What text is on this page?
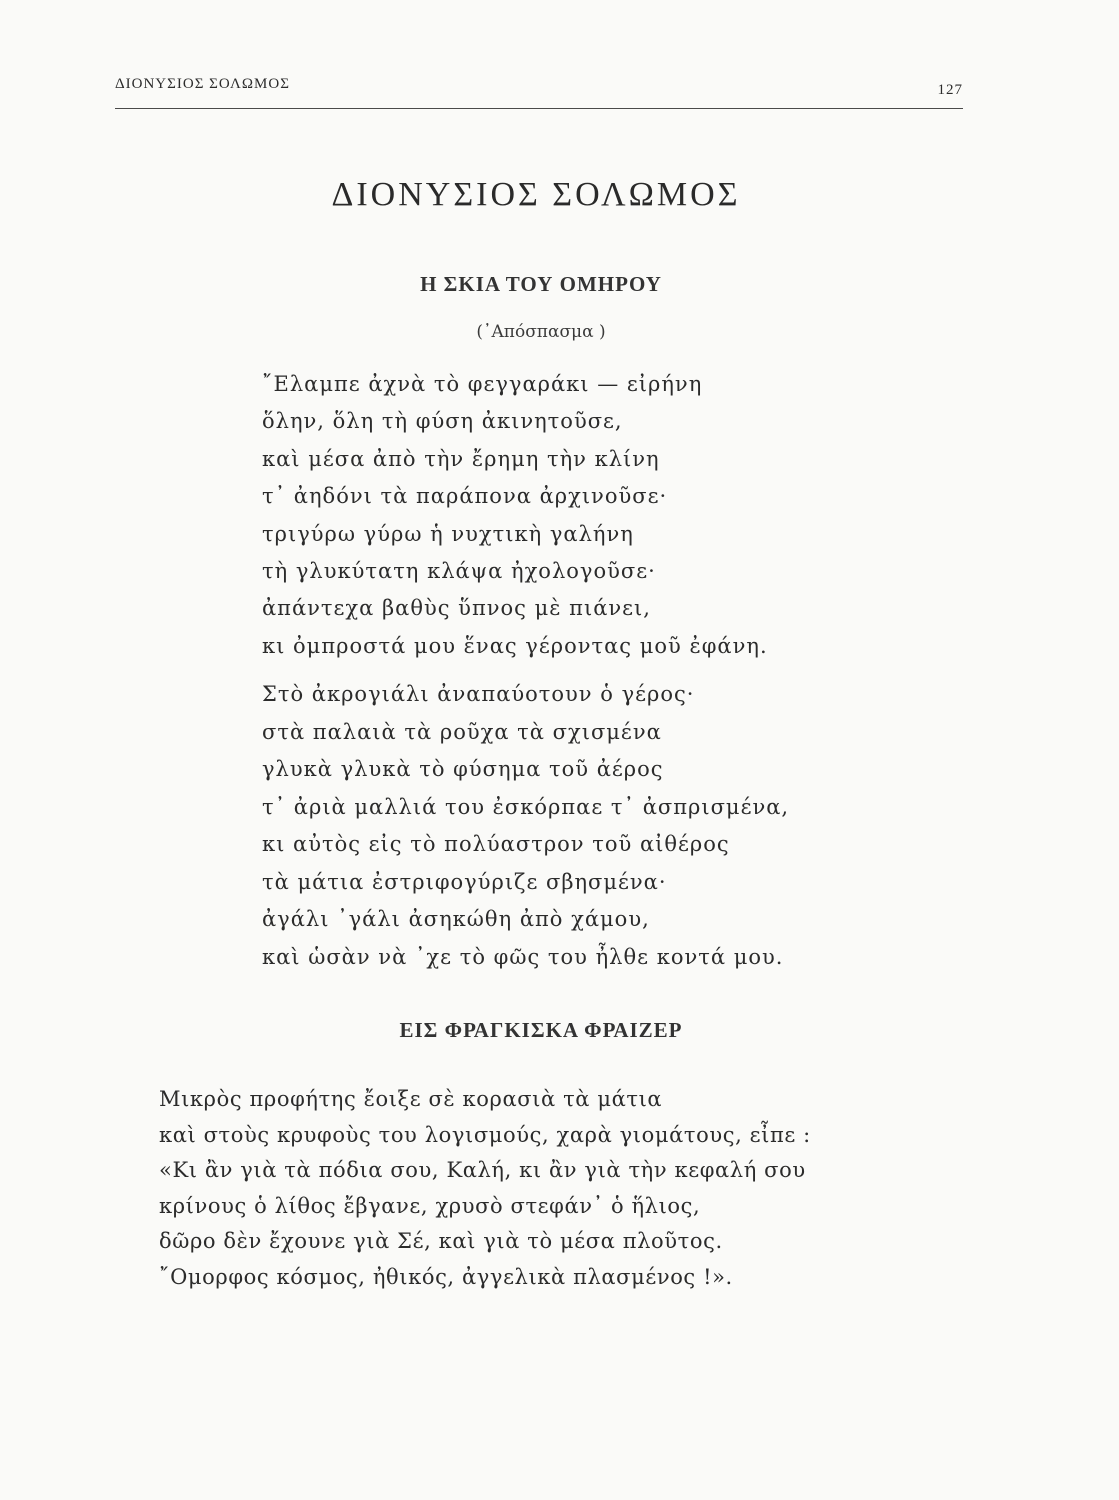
ΔΙΟΝΥΣΙΟΣ ΣΟΛΩΜΟΣ	127
ΔΙΟΝΥΣΙΟΣ ΣΟΛΩΜΟΣ
Η ΣΚΙΑ ΤΟΥ ΟΜΗΡΟΥ
(᾿Απόσπασμα )
῎Ελαμπε ἀχνὰ τὸ φεγγαράκι — εἰρήνη
ὅλην, ὅλη τὴ φύση ἀκινητοῦσε,
καὶ μέσα ἀπὸ τὴν ἔρημη τὴν κλίνη
τ᾿ ἀηδόνι τὰ παράπονα ἀρχινοῦσε·
τριγύρω γύρω ἡ νυχτικὴ γαλήνη
τὴ γλυκύτατη κλάψα ἠχολογοῦσε·
ἀπάντεχα βαθὺς ὕπνος μὲ πιάνει,
κι ὀμπροστά μου ἕνας γέροντας μοῦ ἐφάνη.
Στὸ ἀκρογιάλι ἀναπαύοτουν ὁ γέρος·
στὰ παλαιὰ τὰ ροῦχα τὰ σχισμένα
γλυκὰ γλυκὰ τὸ φύσημα τοῦ ἀέρος
τ᾿ ἀριὰ μαλλιά του ἐσκόρπαε τ᾿ ἀσπρισμένα,
κι αὐτὸς εἰς τὸ πολύαστρον τοῦ αἰθέρος
τὰ μάτια ἐστριφογύριζε σβησμένα·
ἀγάλι ᾿γάλι ἀσηκώθη ἀπὸ χάμου,
καὶ ὡσὰν νὰ ᾿χε τὸ φῶς του ἦλθε κοντά μου.
ΕΙΣ ΦΡΑΓΚΙΣΚΑ ΦΡΑΙΖΕΡ
Μικρὸς προφήτης ἔοιξε σὲ κορασιὰ τὰ μάτια
καὶ στοὺς κρυφοὺς του λογισμούς, χαρὰ γιομάτους, εἶπε :
«Κι ἂν γιὰ τὰ πόδια σου, Καλή, κι ἂν γιὰ τὴν κεφαλή σου
κρίνους ὁ λίθος ἔβγανε, χρυσὸ στεφάν᾿ ὁ ἥλιος,
δῶρο δὲν ἔχουνε γιὰ Σέ, καὶ γιὰ τὸ μέσα πλοῦτος.
῎Ομορφος κόσμος, ἠθικός, ἀγγελικὰ πλασμένος !».
